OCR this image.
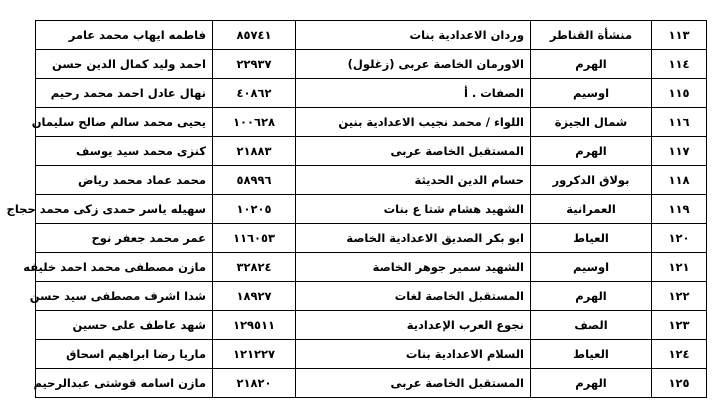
١١٣	منشأة القناطر	وردان الاعدادية بنات	٨٥٧٤١	فاطمه ايهاب محمد عامر
١١٤	الهرم	الاورمان الخاصة عربى (زغلول)	٢٢٩٣٧	احمد وليد كمال الدين حسن
١١٥	اوسيم	الصفات . أ	٤٠٨٦٢	نهال عادل احمد محمد رحيم
١١٦	شمال الجيزة	اللواء / محمد نجيب الاعدادية بنين	١٠٠٦٢٨	يحيى محمد سالم صالح سليمان
١١٧	الهرم	المستقبل الخاصة عربى	٢١٨٨٣	كنزى محمد سيد يوسف
١١٨	بولاق الدكرور	حسام الدين الحديثة	٥٨٩٩٦	محمد عماد محمد رياض
١١٩	العمرانية	الشهيد هشام شتا ع بنات	١٠٢٠٥	سهيله ياسر حمدى زكى محمد حجاج
١٢٠	العياط	ابو بكر الصديق الاعدادية الخاصة	١١٦٠٥٣	عمر محمد جعفر نوح
١٢١	اوسيم	الشهيد سمير جوهر الخاصة	٣٢٨٢٤	مازن مصطفى محمد احمد خليفه
١٢٢	الهرم	المستقبل الخاصة لغات	١٨٩٢٧	شدا اشرف مصطفى سيد حسن
١٢٣	الصف	نجوع العرب الإعدادية	١٢٩٥١١	شهد عاطف على حسين
١٢٤	العياط	السلام الاعدادية بنات	١٢١٢٢٧	ماريا رضا ابراهيم اسحاق
١٢٥	الهرم	المستقبل الخاصة عربى	٢١٨٢٠	مازن اسامه قوشتى عبدالرحيم
